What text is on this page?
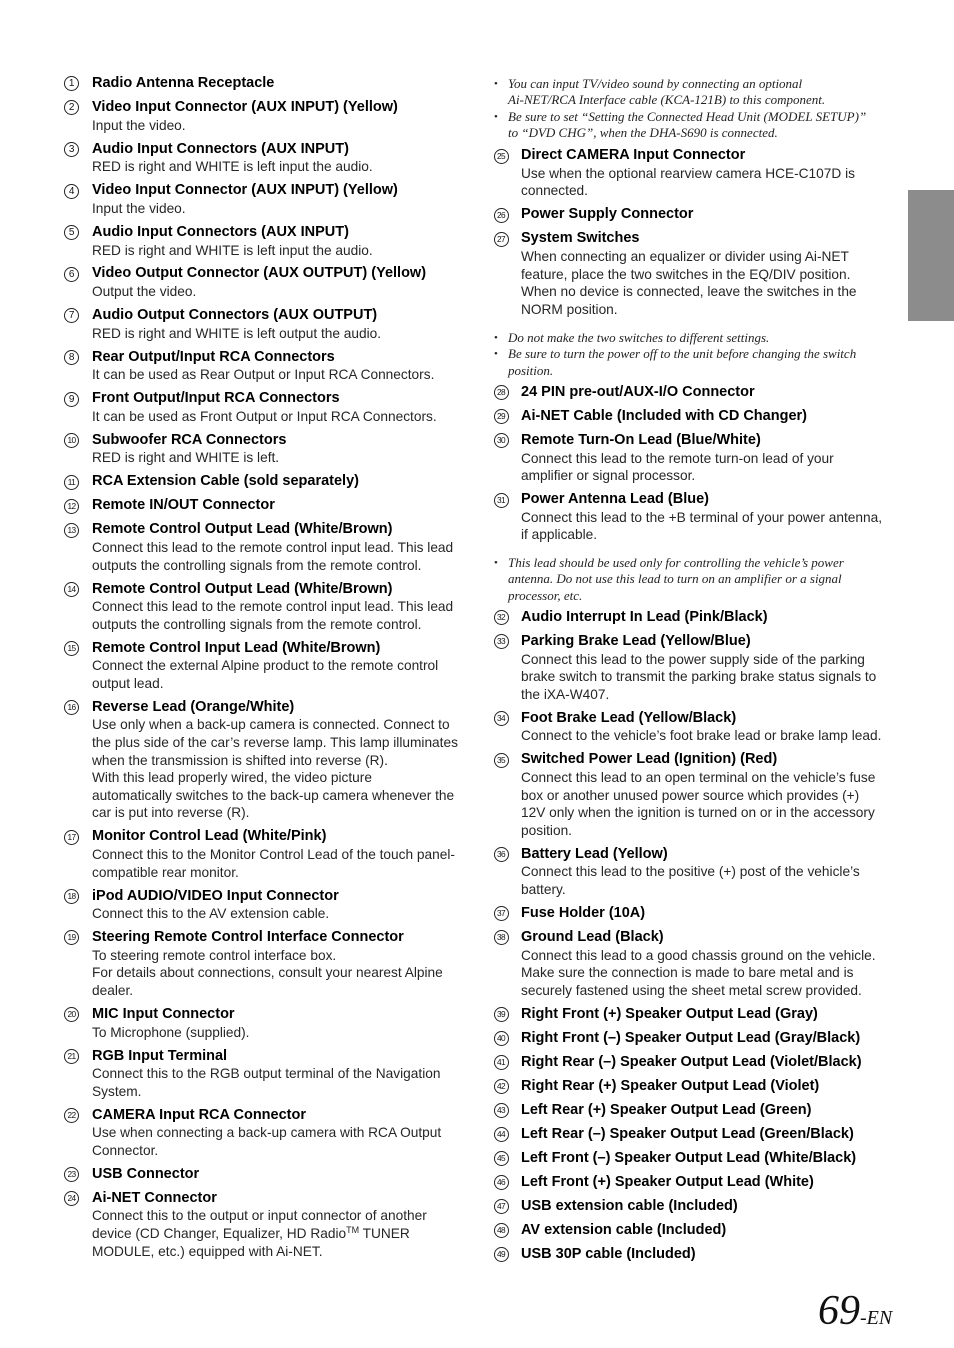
1	Radio Antenna Receptacle
2	Video Input Connector (AUX INPUT) (Yellow)
Input the video.
3	Audio Input Connectors (AUX INPUT)
RED is right and WHITE is left input the audio.
4	Video Input Connector (AUX INPUT) (Yellow)
Input the video.
5	Audio Input Connectors (AUX INPUT)
RED is right and WHITE is left input the audio.
6	Video Output Connector (AUX OUTPUT) (Yellow)
Output the video.
7	Audio Output Connectors (AUX OUTPUT)
RED is right and WHITE is left output the audio.
8	Rear Output/Input RCA Connectors
It can be used as Rear Output or Input RCA Connectors.
9	Front Output/Input RCA Connectors
It can be used as Front Output or Input RCA Connectors.
10 Subwoofer RCA Connectors
RED is right and WHITE is left.
11 RCA Extension Cable (sold separately)
12 Remote IN/OUT Connector
13 Remote Control Output Lead (White/Brown)
Connect this lead to the remote control input lead. This lead
outputs the controlling signals from the remote control.
14 Remote Control Output Lead (White/Brown)
Connect this lead to the remote control input lead. This lead
outputs the controlling signals from the remote control.
15 Remote Control Input Lead (White/Brown)
Connect the external Alpine product to the remote control
output lead.
16 Reverse Lead (Orange/White)
Use only when a back-up camera is connected. Connect to
the plus side of the car’s reverse lamp. This lamp illuminates
when the transmission is shifted into reverse (R).
With this lead properly wired, the video picture
automatically switches to the back-up camera whenever the
car is put into reverse (R).
17 Monitor Control Lead (White/Pink)
Connect this to the Monitor Control Lead of the touch panel-
compatible rear monitor.
18 iPod AUDIO/VIDEO Input Connector
Connect this to the AV extension cable.
19 Steering Remote Control Interface Connector
To steering remote control interface box.
For details about connections, consult your nearest Alpine
dealer.
20 MIC Input Connector
To Microphone (supplied).
21 RGB Input Terminal
Connect this to the RGB output terminal of the Navigation
System.
22 CAMERA Input RCA Connector
Use when connecting a back-up camera with RCA Output
Connector.
23 USB Connector
24 Ai-NET Connector
Connect this to the output or input connector of another
device (CD Changer, Equalizer, HD Radio™ TUNER
MODULE, etc.) equipped with Ai-NET.
• You can input TV/video sound by connecting an optional
Ai-NET/RCA Interface cable (KCA-121B) to this component.
• Be sure to set “Setting the Connected Head Unit (MODEL SETUP)”
to “DVD CHG”, when the DHA-S690 is connected.
25 Direct CAMERA Input Connector
Use when the optional rearview camera HCE-C107D is
connected.
26 Power Supply Connector
27 System Switches
When connecting an equalizer or divider using Ai-NET
feature, place the two switches in the EQ/DIV position.
When no device is connected, leave the switches in the
NORM position.
• Do not make the two switches to different settings.
• Be sure to turn the power off to the unit before changing the switch
position.
28 24 PIN pre-out/AUX-I/O Connector
29 Ai-NET Cable (Included with CD Changer)
30 Remote Turn-On Lead (Blue/White)
Connect this lead to the remote turn-on lead of your
amplifier or signal processor.
31 Power Antenna Lead (Blue)
Connect this lead to the +B terminal of your power antenna,
if applicable.
• This lead should be used only for controlling the vehicle’s power
antenna. Do not use this lead to turn on an amplifier or a signal
processor, etc.
32 Audio Interrupt In Lead (Pink/Black)
33 Parking Brake Lead (Yellow/Blue)
Connect this lead to the power supply side of the parking
brake switch to transmit the parking brake status signals to
the iXA-W407.
34 Foot Brake Lead (Yellow/Black)
Connect to the vehicle’s foot brake lead or brake lamp lead.
35 Switched Power Lead (Ignition) (Red)
Connect this lead to an open terminal on the vehicle’s fuse
box or another unused power source which provides (+)
12V only when the ignition is turned on or in the accessory
position.
36 Battery Lead (Yellow)
Connect this lead to the positive (+) post of the vehicle’s
battery.
37 Fuse Holder (10A)
38 Ground Lead (Black)
Connect this lead to a good chassis ground on the vehicle.
Make sure the connection is made to bare metal and is
securely fastened using the sheet metal screw provided.
39 Right Front (+) Speaker Output Lead (Gray)
40 Right Front (–) Speaker Output Lead (Gray/Black)
41 Right Rear (–) Speaker Output Lead (Violet/Black)
42 Right Rear (+) Speaker Output Lead (Violet)
43 Left Rear (+) Speaker Output Lead (Green)
44 Left Rear (–) Speaker Output Lead (Green/Black)
45 Left Front (–) Speaker Output Lead (White/Black)
46 Left Front (+) Speaker Output Lead (White)
47 USB extension cable (Included)
48 AV extension cable (Included)
49 USB 30P cable (Included)
69-EN
